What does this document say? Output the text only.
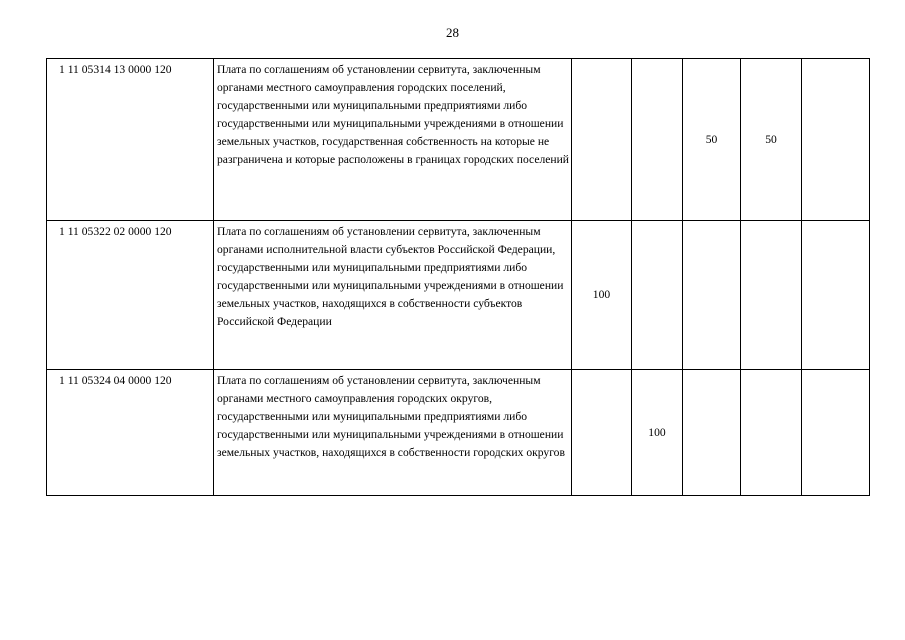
28
1 11 05314 13 0000 120	Плата по соглашениям об установлении сервитута, заключенным органами местного самоуправления городских поселений, государственными или муниципальными предприятиями либо государственными или муниципальными учреждениями в отношении земельных участков, государственная собственность на которые не разграничена и которые расположены в границах городских поселений			50	50	
1 11 05322 02 0000 120	Плата по соглашениям об установлении сервитута, заключенным органами исполнительной власти субъектов Российской Федерации, государственными или муниципальными предприятиями либо государственными или муниципальными учреждениями в отношении земельных участков, находящихся в собственности субъектов Российской Федерации	100				
1 11 05324 04 0000 120	Плата по соглашениям об установлении сервитута, заключенным органами местного самоуправления городских округов, государственными или муниципальными предприятиями либо государственными или муниципальными учреждениями в отношении земельных участков, находящихся в собственности городских округов		100			
